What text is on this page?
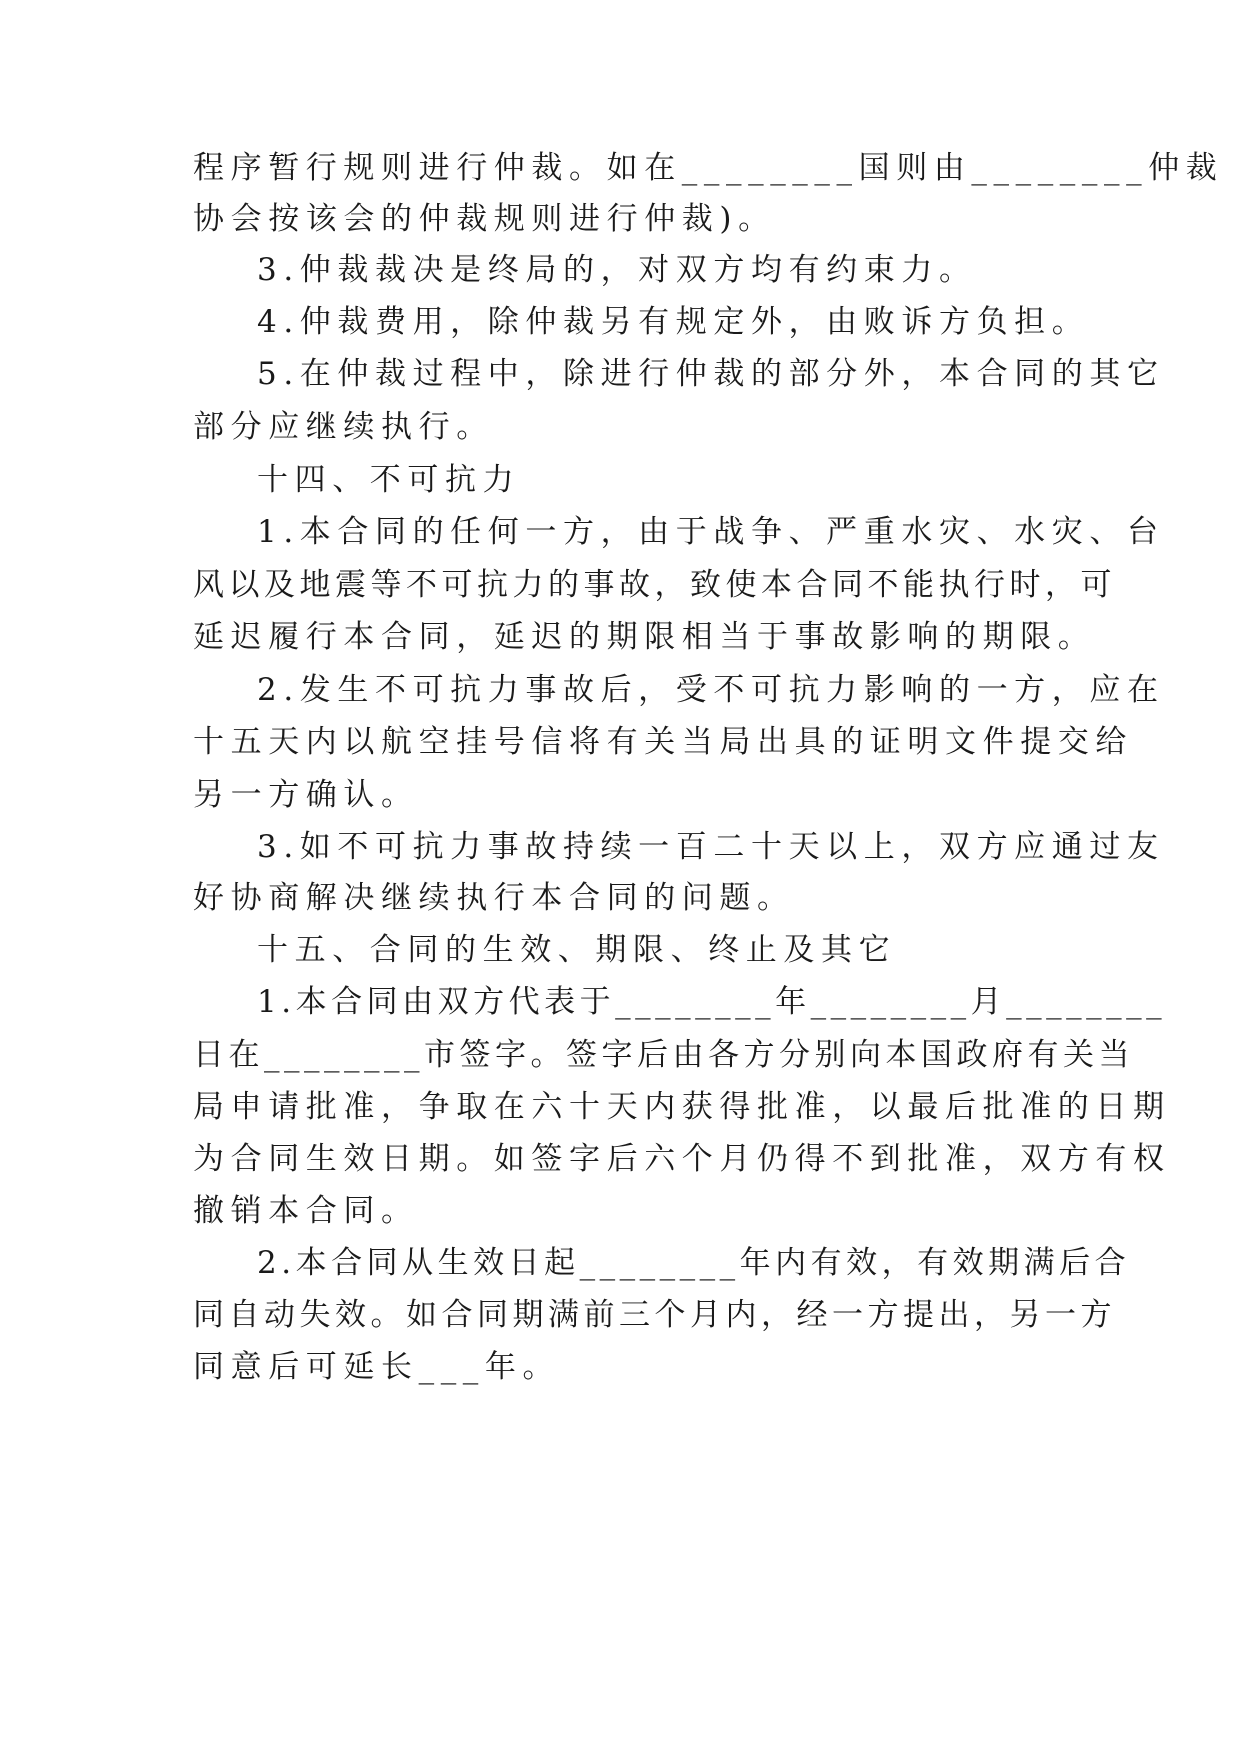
程序暂行规则进行仲裁。如在________国则由________仲裁
协会按该会的仲裁规则进行仲裁)。
3.仲裁裁决是终局的，对双方均有约束力。
4.仲裁费用，除仲裁另有规定外，由败诉方负担。
5.在仲裁过程中，除进行仲裁的部分外，本合同的其它
部分应继续执行。
十四、不可抗力
1.本合同的任何一方，由于战争、严重水灾、水灾、台
风以及地震等不可抗力的事故，致使本合同不能执行时，可
延迟履行本合同，延迟的期限相当于事故影响的期限。
2.发生不可抗力事故后，受不可抗力影响的一方，应在
十五天内以航空挂号信将有关当局出具的证明文件提交给
另一方确认。
3.如不可抗力事故持续一百二十天以上，双方应通过友
好协商解决继续执行本合同的问题。
十五、合同的生效、期限、终止及其它
1.本合同由双方代表于________年________月________
日在________市签字。签字后由各方分别向本国政府有关当
局申请批准，争取在六十天内获得批准，以最后批准的日期
为合同生效日期。如签字后六个月仍得不到批准，双方有权
撤销本合同。
2.本合同从生效日起________年内有效，有效期满后合
同自动失效。如合同期满前三个月内，经一方提出，另一方
同意后可延长___年。
